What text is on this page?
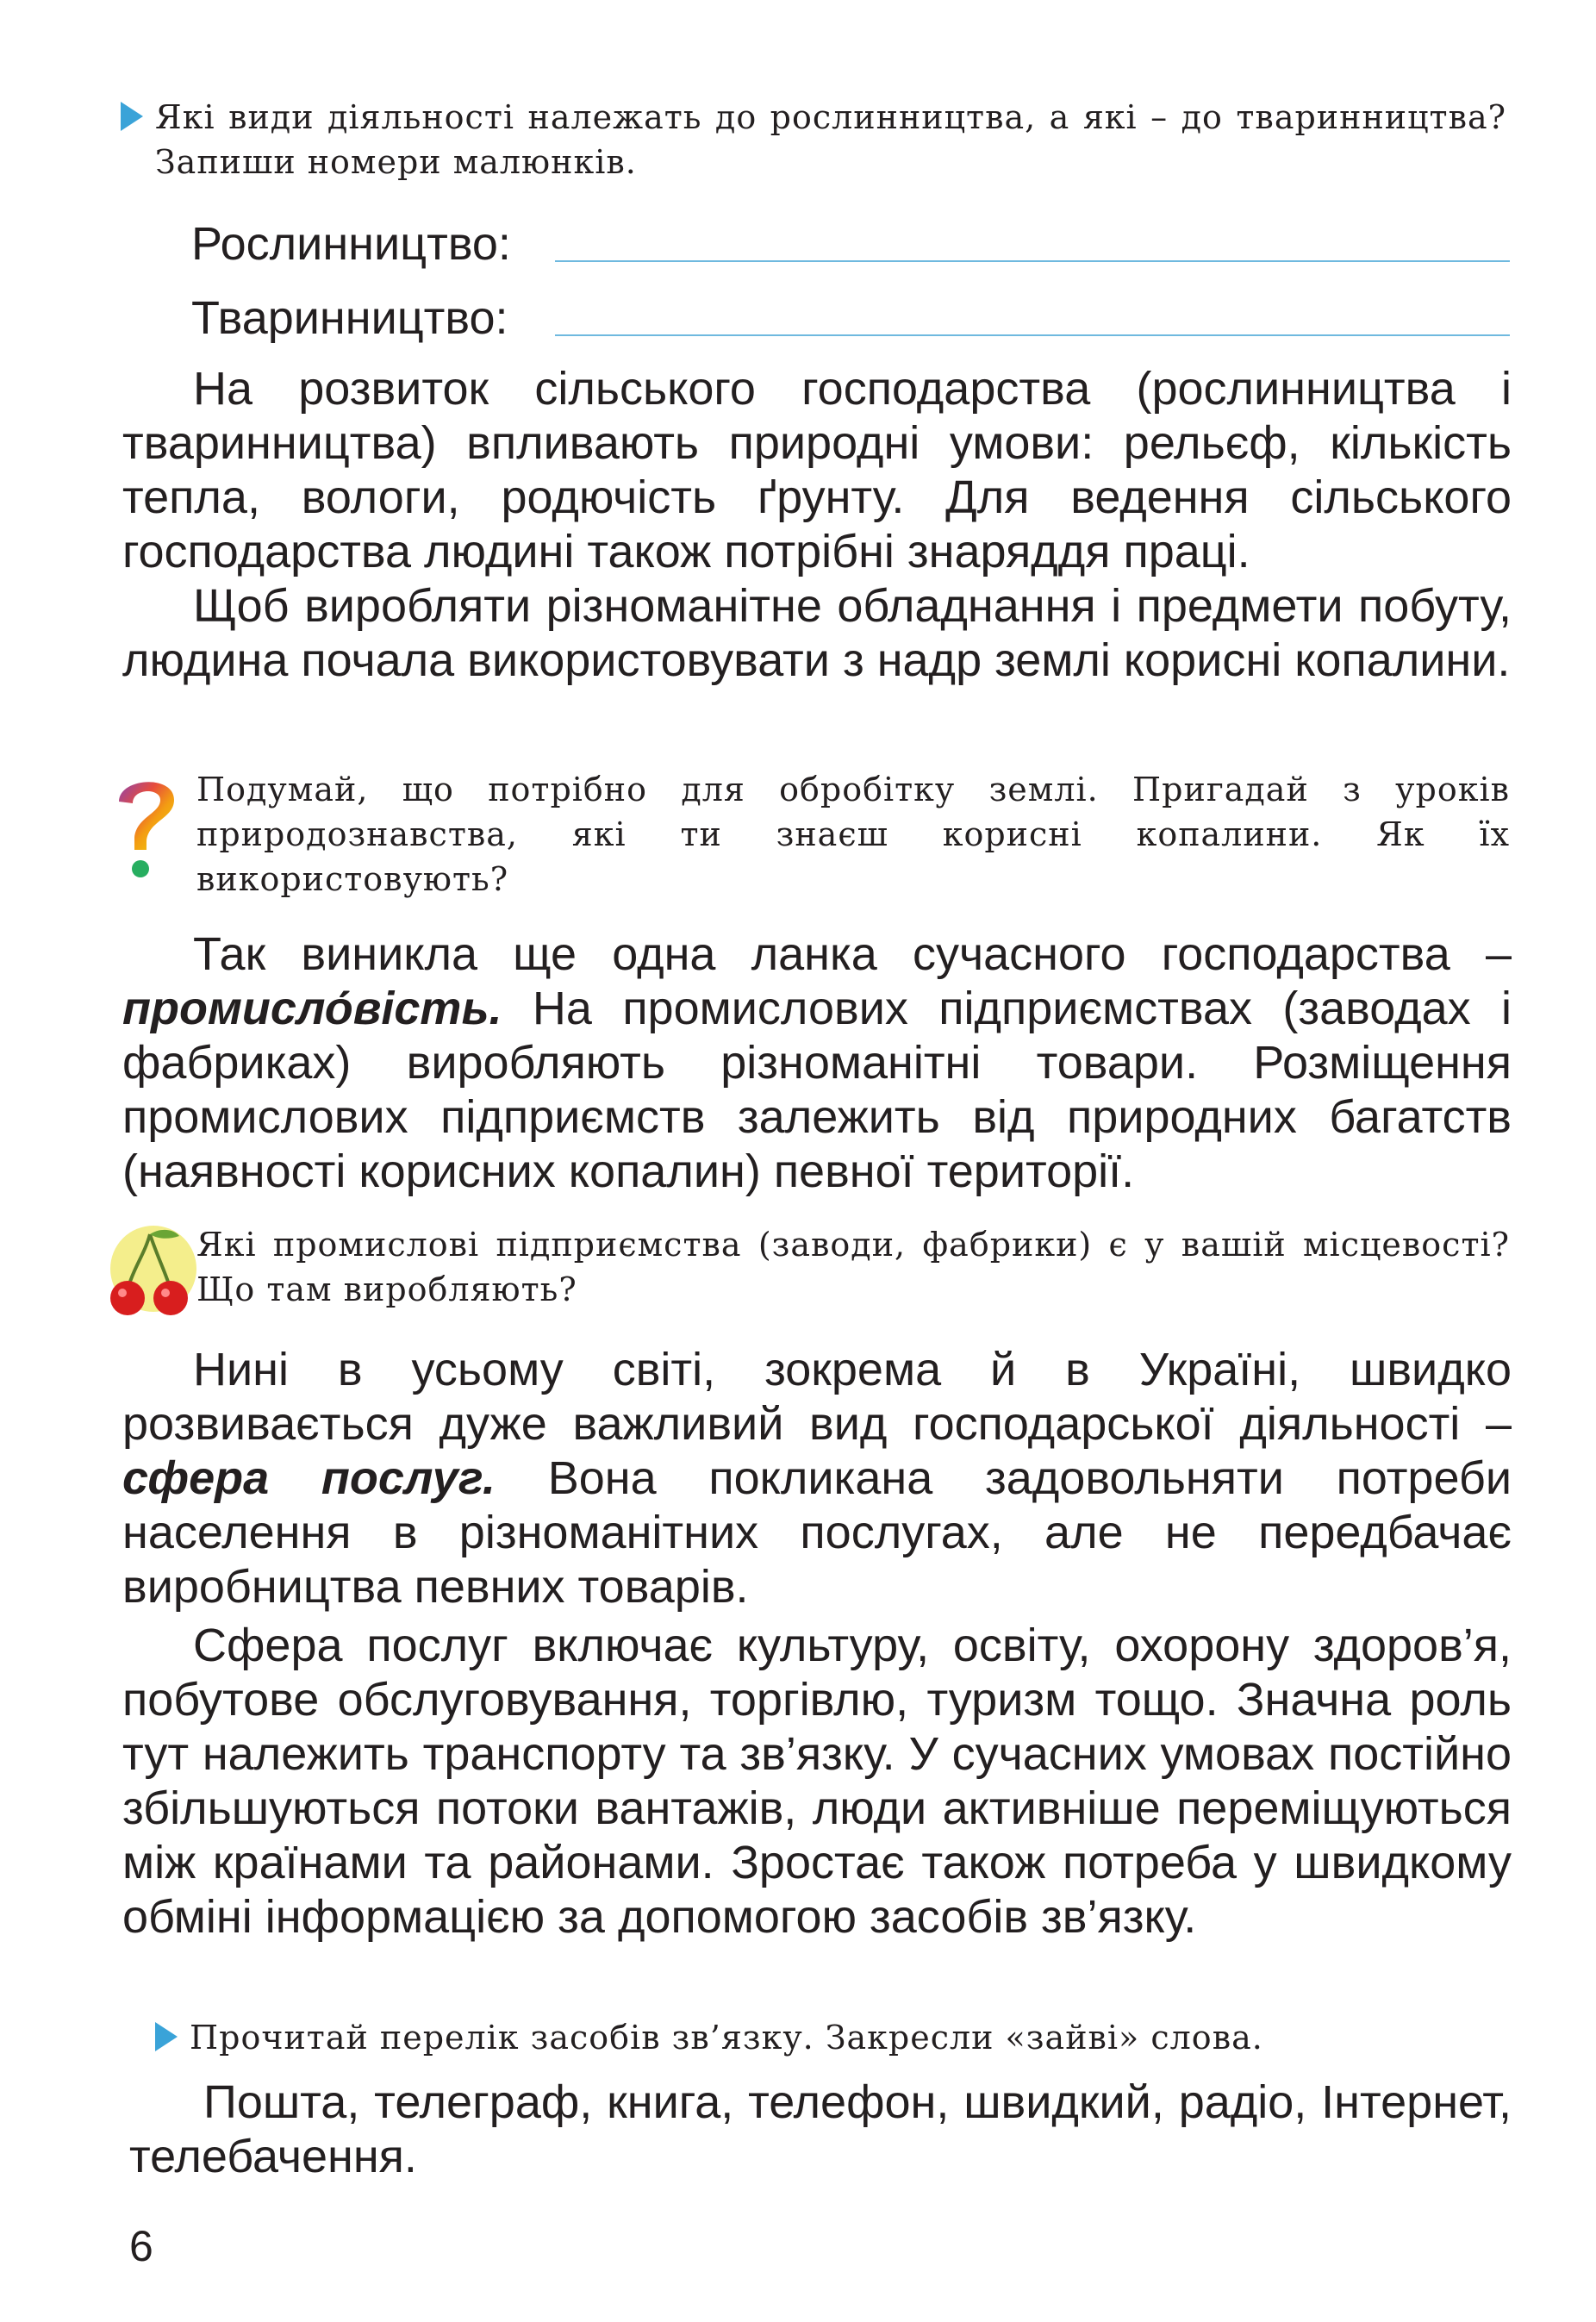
Які види діяльності належать до рослинництва, а які – до тваринництва? Запиши номери малюнків.
Рослинництво:
Тваринництво:
На розвиток сільського господарства (рослинництва і тваринництва) впливають природні умови: рельєф, кількість тепла, вологи, родючість ґрунту. Для ведення сільського господарства людині також потрібні знаряддя праці.
Щоб виробляти різноманітне обладнання і предмети побуту, людина почала використовувати з надр землі корисні копалини.
Подумай, що потрібно для обробітку землі. Пригадай з уроків природознавства, які ти знаєш корисні копалини. Як їх використовують?
Так виникла ще одна ланка сучасного господарства – промисло́вість. На промислових підприємствах (заводах і фабриках) виробляють різноманітні товари. Розміщення промислових підприємств залежить від природних багатств (наявності корисних копалин) певної території.
Які промислові підприємства (заводи, фабрики) є у вашій місцевості? Що там виробляють?
Нині в усьому світі, зокрема й в Україні, швидко розвивається дуже важливий вид господарської діяльності – сфера послуг. Вона покликана задовольняти потреби населення в різноманітних послугах, але не передбачає виробництва певних товарів.
Сфера послуг включає культуру, освіту, охорону здоров’я, побутове обслуговування, торгівлю, туризм тощо. Значна роль тут належить транспорту та зв’язку. У сучасних умовах постійно збільшуються потоки вантажів, люди активніше переміщуються між країнами та районами. Зростає також потреба у швидкому обміні інформацією за допомогою засобів зв’язку.
Прочитай перелік засобів зв’язку. Закресли «зайві» слова.
Пошта, телеграф, книга, телефон, швидкий, радіо, Інтернет, телебачення.
6
